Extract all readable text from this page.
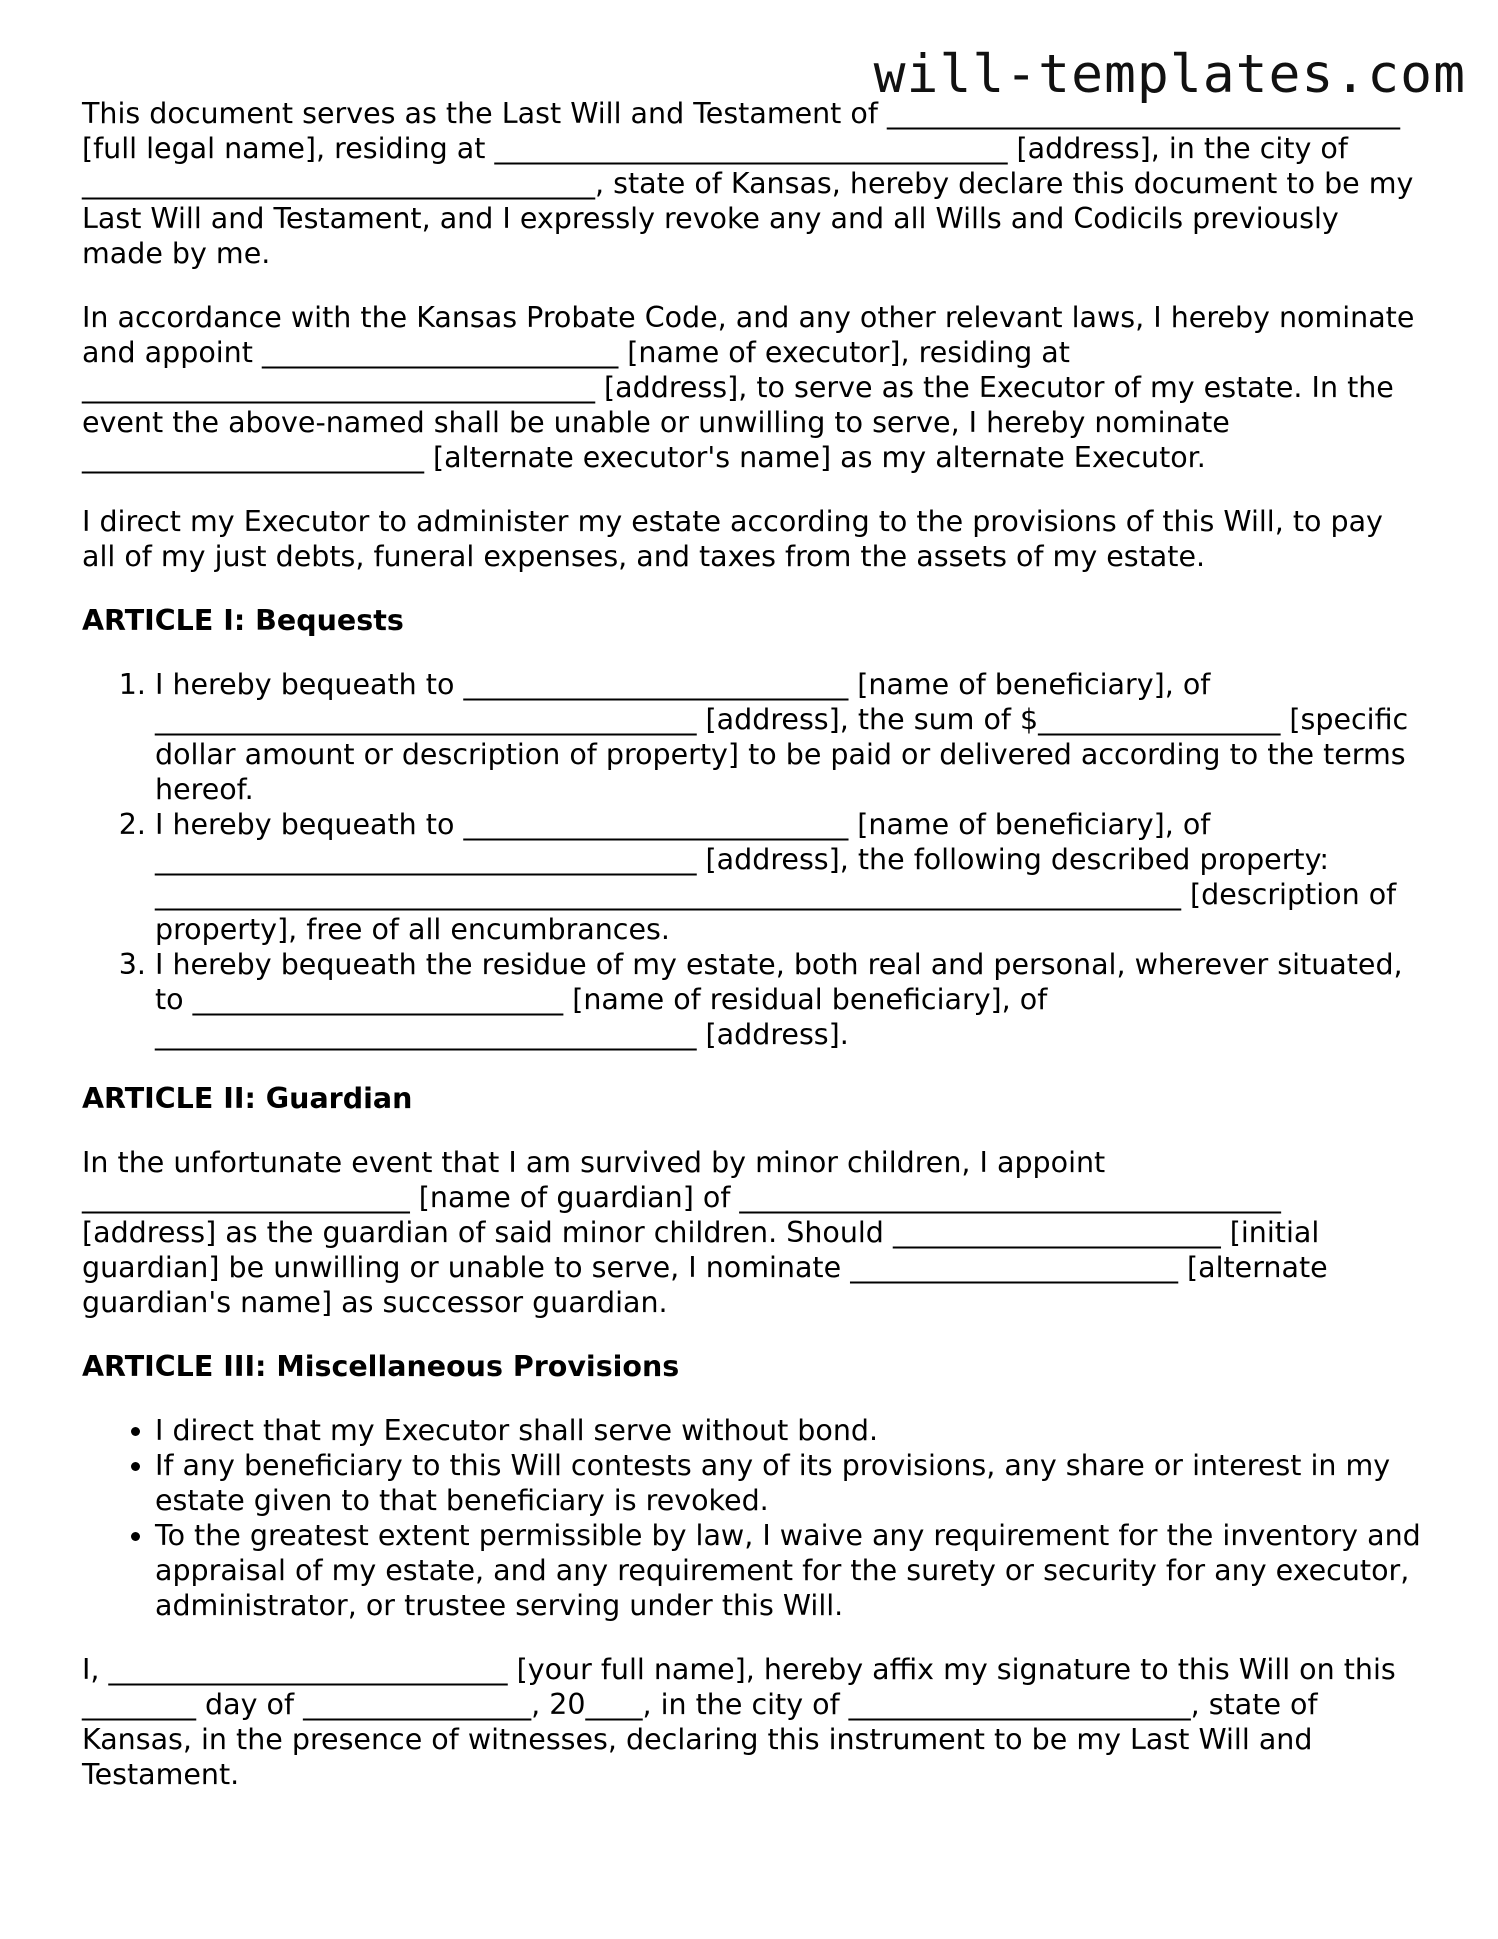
will-templates.com

This document serves as the Last Will and Testament of ____________________________________ [full legal name], residing at ____________________________________ [address], in the city of ____________________________________, state of Kansas, hereby declare this document to be my Last Will and Testament, and I expressly revoke any and all Wills and Codicils previously made by me.

In accordance with the Kansas Probate Code, and any other relevant laws, I hereby nominate and appoint _________________________ [name of executor], residing at ____________________________________ [address], to serve as the Executor of my estate. In the event the above-named shall be unable or unwilling to serve, I hereby nominate ________________________ [alternate executor's name] as my alternate Executor.

I direct my Executor to administer my estate according to the provisions of this Will, to pay all of my just debts, funeral expenses, and taxes from the assets of my estate.

ARTICLE I: Bequests
1. I hereby bequeath to ___________________________ [name of beneficiary], of ______________________________________ [address], the sum of $_________________ [specific dollar amount or description of property] to be paid or delivered according to the terms hereof.
2. I hereby bequeath to ___________________________ [name of beneficiary], of ______________________________________ [address], the following described property: ________________________________________________________________________ [description of property], free of all encumbrances.
3. I hereby bequeath the residue of my estate, both real and personal, wherever situated, to __________________________ [name of residual beneficiary], of ______________________________________ [address].
ARTICLE II: Guardian

In the unfortunate event that I am survived by minor children, I appoint _______________________ [name of guardian] of ______________________________________ [address] as the guardian of said minor children. Should _______________________ [initial guardian] be unwilling or unable to serve, I nominate _______________________ [alternate guardian's name] as successor guardian.

ARTICLE III: Miscellaneous Provisions
• I direct that my Executor shall serve without bond.
• If any beneficiary to this Will contests any of its provisions, any share or interest in my estate given to that beneficiary is revoked.
• To the greatest extent permissible by law, I waive any requirement for the inventory and appraisal of my estate, and any requirement for the surety or security for any executor, administrator, or trustee serving under this Will.

I, ____________________________ [your full name], hereby affix my signature to this Will on this ________ day of ________________, 20____, in the city of ________________________, state of Kansas, in the presence of witnesses, declaring this instrument to be my Last Will and Testament.
